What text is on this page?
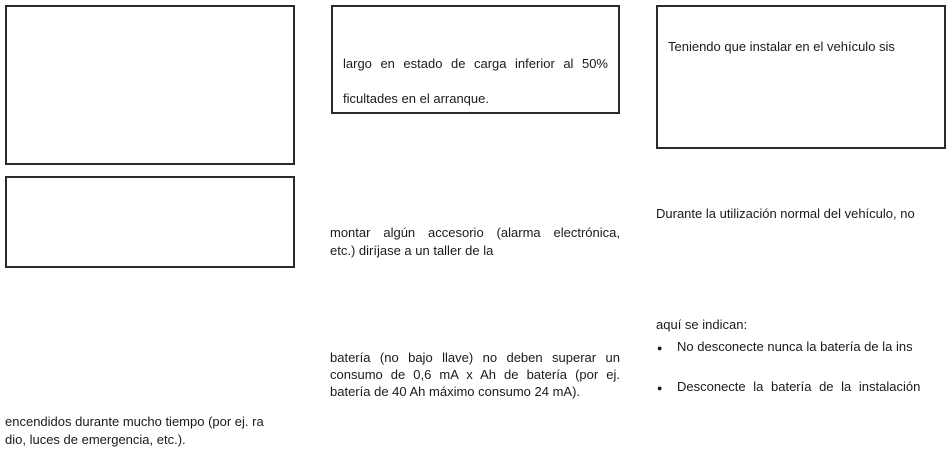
encendidos durante mucho tiempo (por ej. ra

dio, luces de emergencia, etc.).

largo en estado de carga inferior al 50%

ficultades en el arranque.

montar algún accesorio (alarma electrónica,

etc.) diríjase a un taller de la

batería (no bajo llave) no deben superar un

consumo de 0,6 mA x Ah de batería (por ej.

batería de 40 Ah máximo consumo 24 mA).

Teniendo que instalar en el vehículo sis

Durante la utilización normal del vehículo, no

aquí se indican:

● No desconecte nunca la batería de la ins
● Desconecte la batería de la instalación
